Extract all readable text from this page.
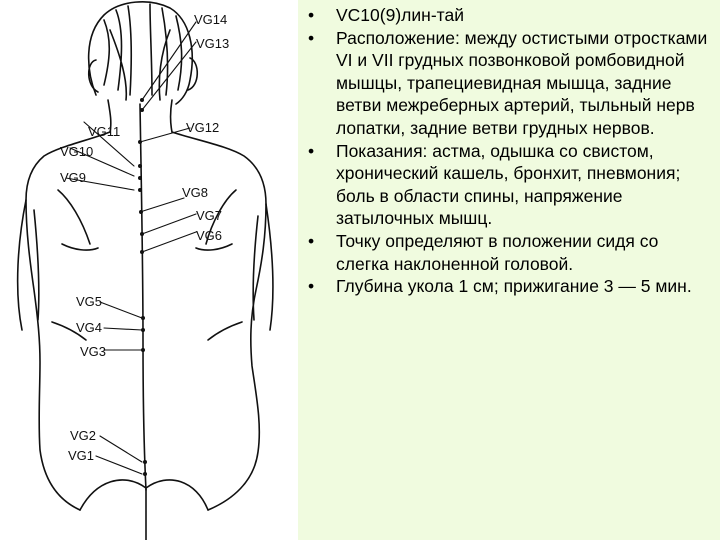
VG14
VG13
VG12
VG11
VG10
VG9
VG8
VG7
VG6
VG5
VG4
VG3
VG2
VG1
• VC10(9)лин-тай
• Расположение: между остистыми отростками VI и VII грудных позвонковой ромбовидной мышцы, трапециевидная мышца, задние ветви межреберных артерий, тыльный нерв лопатки, задние ветви грудных нервов.
• Показания: астма, одышка со свистом, хронический кашель, бронхит, пневмония; боль в области спины, напряжение затылочных мышц.
• Точку определяют в положении сидя со слегка наклоненной головой.
• Глубина укола 1 см; прижигание 3 — 5 мин.
